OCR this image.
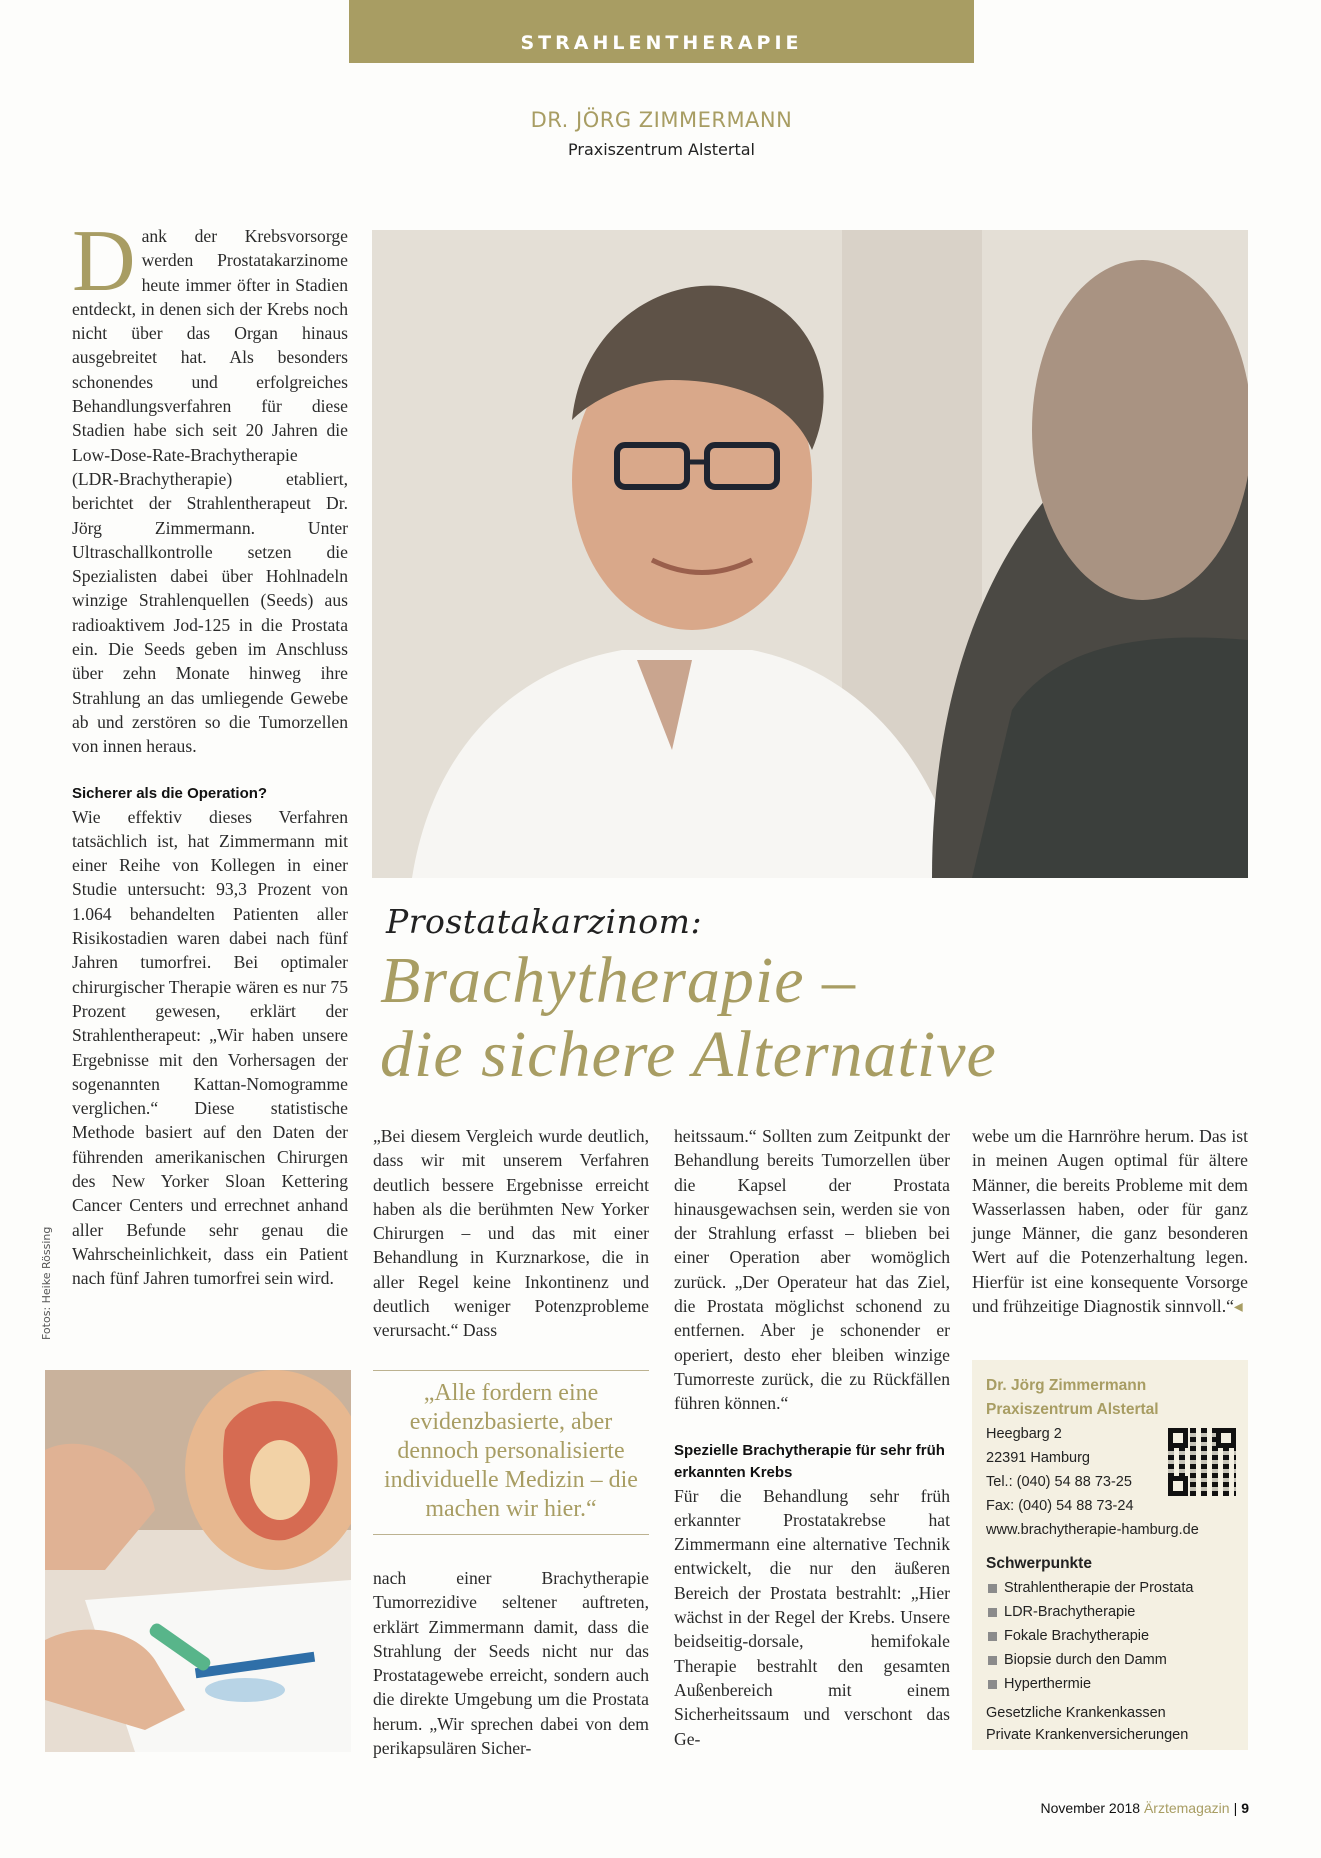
STRAHLENTHERAPIE
DR. JÖRG ZIMMERMANN
Praxiszentrum Alstertal
D ank der Krebsvorsorge werden Prostatakarzinome heute immer öfter in Stadien entdeckt, in denen sich der Krebs noch nicht über das Organ hinaus ausgebreitet hat. Als besonders schonendes und erfolgreiches Behandlungsverfahren für diese Stadien habe sich seit 20 Jahren die Low-Dose-Rate-Brachytherapie (LDR-Brachytherapie) etabliert, berichtet der Strahlentherapeut Dr. Jörg Zimmermann. Unter Ultraschallkontrolle setzen die Spezialisten dabei über Hohlnadeln winzige Strahlenquellen (Seeds) aus radioaktivem Jod-125 in die Prostata ein. Die Seeds geben im Anschluss über zehn Monate hinweg ihre Strahlung an das umliegende Gewebe ab und zerstören so die Tumorzellen von innen heraus.

Sicherer als die Operation?

Wie effektiv dieses Verfahren tatsächlich ist, hat Zimmermann mit einer Reihe von Kollegen in einer Studie untersucht: 93,3 Prozent von 1.064 behandelten Patienten aller Risikostadien waren dabei nach fünf Jahren tumorfrei. Bei optimaler chirurgischer Therapie wären es nur 75 Prozent gewesen, erklärt der Strahlentherapeut: „Wir haben unsere Ergebnisse mit den Vorhersagen der sogenannten Kattan-Nomogramme verglichen.“ Diese statistische Methode basiert auf den Daten der führenden amerikanischen Chirurgen des New Yorker Sloan Kettering Cancer Centers und errechnet anhand aller Befunde sehr genau die Wahrscheinlichkeit, dass ein Patient nach fünf Jahren tumorfrei sein wird.

Fotos: Heike Rössing
Prostatakarzinom:
Brachytherapie –
die sichere Alternative

„Bei diesem Vergleich wurde deutlich, dass wir mit unserem Verfahren deutlich bessere Ergebnisse erreicht haben als die berühmten New Yorker Chirurgen – und das mit einer Behandlung in Kurznarkose, die in aller Regel keine Inkontinenz und deutlich weniger Potenzprobleme verursacht.“ Dass

„Alle fordern eine evidenzbasierte, aber dennoch personalisierte individuelle Medizin – die machen wir hier.“

nach einer Brachytherapie Tumorrezidive seltener auftreten, erklärt Zimmermann damit, dass die Strahlung der Seeds nicht nur das Prostatagewebe erreicht, sondern auch die direkte Umgebung um die Prostata herum. „Wir sprechen dabei von dem perikapsulären Sicher-

heitssaum.“ Sollten zum Zeitpunkt der Behandlung bereits Tumorzellen über die Kapsel der Prostata hinausgewachsen sein, werden sie von der Strahlung erfasst – blieben bei einer Operation aber womöglich zurück. „Der Operateur hat das Ziel, die Prostata möglichst schonend zu entfernen. Aber je schonender er operiert, desto eher bleiben winzige Tumorreste zurück, die zu Rückfällen führen können.“

Spezielle Brachytherapie für sehr früh erkannten Krebs

Für die Behandlung sehr früh erkannter Prostatakrebse hat Zimmermann eine alternative Technik entwickelt, die nur den äußeren Bereich der Prostata bestrahlt: „Hier wächst in der Regel der Krebs. Unsere beidseitig-dorsale, hemifokale Therapie bestrahlt den gesamten Außenbereich mit einem Sicherheitssaum und verschont das Ge-

webe um die Harnröhre herum. Das ist in meinen Augen optimal für ältere Männer, die bereits Probleme mit dem Wasserlassen haben, oder für ganz junge Männer, die ganz besonderen Wert auf die Potenzerhaltung legen. Hierfür ist eine konsequente Vorsorge und frühzeitige Diagnostik sinnvoll.“◂

Dr. Jörg Zimmermann
Praxiszentrum Alstertal
Heegbarg 2
22391 Hamburg
Tel.: (040) 54 88 73-25
Fax: (040) 54 88 73-24
www.brachytherapie-hamburg.de
Schwerpunkte
Strahlentherapie der Prostata
LDR-Brachytherapie
Fokale Brachytherapie
Biopsie durch den Damm
Hyperthermie
Gesetzliche Krankenkassen
Private Krankenversicherungen
November 2018 Ärztemagazin | 9
